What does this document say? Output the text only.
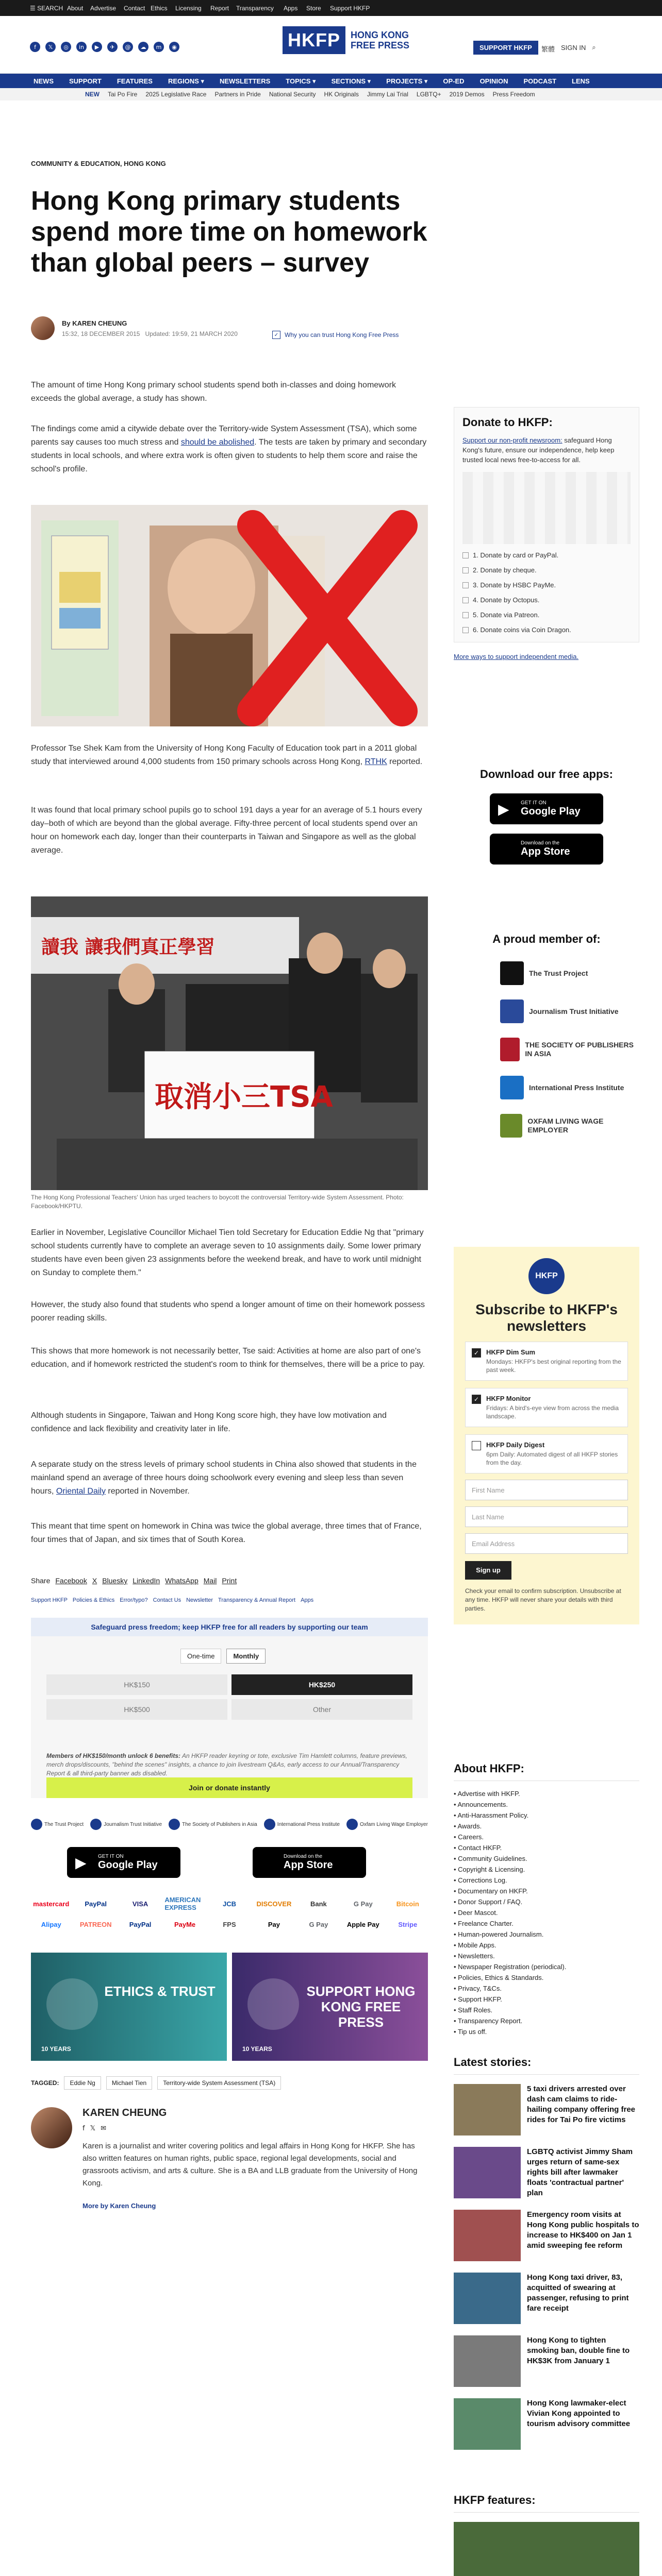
☰ SEARCH About Advertise Contact Ethics Licensing Report Transparency Apps Store Support HKFP
f	𝕏	◎	in	▶	✈	@	☁	m	◉	HKFP	HONG KONG
FREE PRESS	SUPPORT HKFP	繁體 SIGN IN ⌕
NEWS SUPPORT FEATURES REGIONS ▾ NEWSLETTERS TOPICS ▾ SECTIONS ▾ PROJECTS ▾ OP-ED OPINION PODCAST LENS
NEW Tai Po Fire 2025 Legislative Race Partners in Pride National Security HK Originals Jimmy Lai Trial LGBTQ+ 2019 Demos Press Freedom
COMMUNITY & EDUCATION, HONG KONG
Hong Kong primary students spend more time on homework than global peers – survey
By KAREN CHEUNG
15:32, 18 DECEMBER 2015 Updated: 19:59, 21 MARCH 2020	✓ Why you can trust Hong Kong Free Press

The amount of time Hong Kong primary school students spend both in-classes and doing homework exceeds the global average, a study has shown.

The findings come amid a citywide debate over the Territory-wide System Assessment (TSA), which some parents say causes too much stress and should be abolished. The tests are taken by primary and secondary students in local schools, and where extra work is often given to students to help them score and raise the school's profile.

Professor Tse Shek Kam from the University of Hong Kong Faculty of Education took part in a 2011 global study that interviewed around 4,000 students from 150 primary schools across Hong Kong, RTHK reported.

It was found that local primary school pupils go to school 191 days a year for an average of 5.1 hours every day–both of which are beyond than the global average. Fifty-three percent of local students spend over an hour on homework each day, longer than their counterparts in Taiwan and Singapore as well as the global average.

讀我 讓我們真正學習
取消小三TSA
The Hong Kong Professional Teachers' Union has urged teachers to boycott the controversial Territory-wide System Assessment. Photo: Facebook/HKPTU.

Earlier in November, Legislative Councillor Michael Tien told Secretary for Education Eddie Ng that "primary school students currently have to complete an average seven to 10 assignments daily. Some lower primary students have even been given 23 assignments before the weekend break, and have to work until midnight on Sunday to complete them."

However, the study also found that students who spend a longer amount of time on their homework possess poorer reading skills.

This shows that more homework is not necessarily better, Tse said: Activities at home are also part of one's education, and if homework restricted the student's room to think for themselves, there will be a price to pay.

Although students in Singapore, Taiwan and Hong Kong score high, they have low motivation and confidence and lack flexibility and creativity later in life.

A separate study on the stress levels of primary school students in China also showed that students in the mainland spend an average of three hours doing schoolwork every evening and sleep less than seven hours, Oriental Daily reported in November.

This meant that time spent on homework in China was twice the global average, three times that of France, four times that of Japan, and six times that of South Korea.

Share Facebook X Bluesky LinkedIn WhatsApp Mail Print
Support HKFP Policies & Ethics Error/typo? Contact Us Newsletter Transparency & Annual Report Apps
Safeguard press freedom; keep HKFP free for all readers by supporting our team
One-time	Monthly
HK$150	HK$250
HK$500	Other
Members of HK$150/month unlock 6 benefits: An HKFP reader keyring or tote, exclusive Tim Hamlett columns, feature previews, merch drops/discounts, "behind the scenes" insights, a chance to join livestream Q&As, early access to our Annual/Transparency Report & all third-party banner ads disabled.
Join or donate instantly
The Trust Project	Journalism Trust Initiative	The Society of Publishers in Asia	International Press Institute	Oxfam Living Wage Employer
▶ GET IT ON
Google Play
Download on the
App Store
mastercard	PayPal	VISA	AMERICAN EXPRESS	JCB	DISCOVER	Bank	G Pay	Bitcoin
Alipay	PATREON	PayPal	PayMe	FPS	Pay	G Pay	Apple Pay	Stripe
ETHICS & TRUST
10 YEARS
SUPPORT HONG KONG FREE PRESS
10 YEARS
TAGGED:	Eddie Ng	Michael Tien	Territory-wide System Assessment (TSA)
KAREN CHEUNG
f 𝕏 ✉
Karen is a journalist and writer covering politics and legal affairs in Hong Kong for HKFP. She has also written features on human rights, public space, regional legal developments, social and grassroots activism, and arts & culture. She is a BA and LLB graduate from the University of Hong Kong.
More by Karen Cheung
Donate to HKFP:
Support our non-profit newsroom: safeguard Hong Kong's future, ensure our independence, help keep trusted local news free-to-access for all.
1. Donate by card or PayPal.
2. Donate by cheque.
3. Donate by HSBC PayMe.
4. Donate by Octopus.
5. Donate via Patreon.
6. Donate coins via Coin Dragon.
More ways to support independent media.
Download our free apps:
▶ GET IT ON
Google Play
Download on the
App Store
A proud member of:
The Trust Project
Journalism Trust Initiative
THE SOCIETY OF PUBLISHERS IN ASIA
International Press Institute
OXFAM LIVING WAGE EMPLOYER
HKFP
Subscribe to HKFP's newsletters
✓	HKFP Dim Sum
Mondays: HKFP's best original reporting from the past week.
✓	HKFP Monitor
Fridays: A bird's-eye view from across the media landscape.
HKFP Daily Digest
6pm Daily: Automated digest of all HKFP stories from the day.
First Name
Last Name
Email Address
Sign up
Check your email to confirm subscription. Unsubscribe at any time. HKFP will never share your details with third parties.
About HKFP:
• Advertise with HKFP.
• Announcements.
• Anti-Harassment Policy.
• Awards.
• Careers.
• Contact HKFP.
• Community Guidelines.
• Copyright & Licensing.
• Corrections Log.
• Documentary on HKFP.
• Donor Support / FAQ.
• Deer Mascot.
• Freelance Charter.
• Human-powered Journalism.
• Mobile Apps.
• Newsletters.
• Newspaper Registration (periodical).
• Policies, Ethics & Standards.
• Privacy, T&Cs.
• Support HKFP.
• Staff Roles.
• Transparency Report.
• Tip us off.
Latest stories:
5 taxi drivers arrested over dash cam claims to ride-hailing company offering free rides for Tai Po fire victims
LGBTQ activist Jimmy Sham urges return of same-sex rights bill after lawmaker floats 'contractual partner' plan
Emergency room visits at Hong Kong public hospitals to increase to HK$400 on Jan 1 amid sweeping fee reform
Hong Kong taxi driver, 83, acquitted of swearing at passenger, refusing to print fare receipt
Hong Kong to tighten smoking ban, double fine to HK$3K from January 1
Hong Kong lawmaker-elect Vivian Kong appointed to tourism advisory committee
HKFP features:
